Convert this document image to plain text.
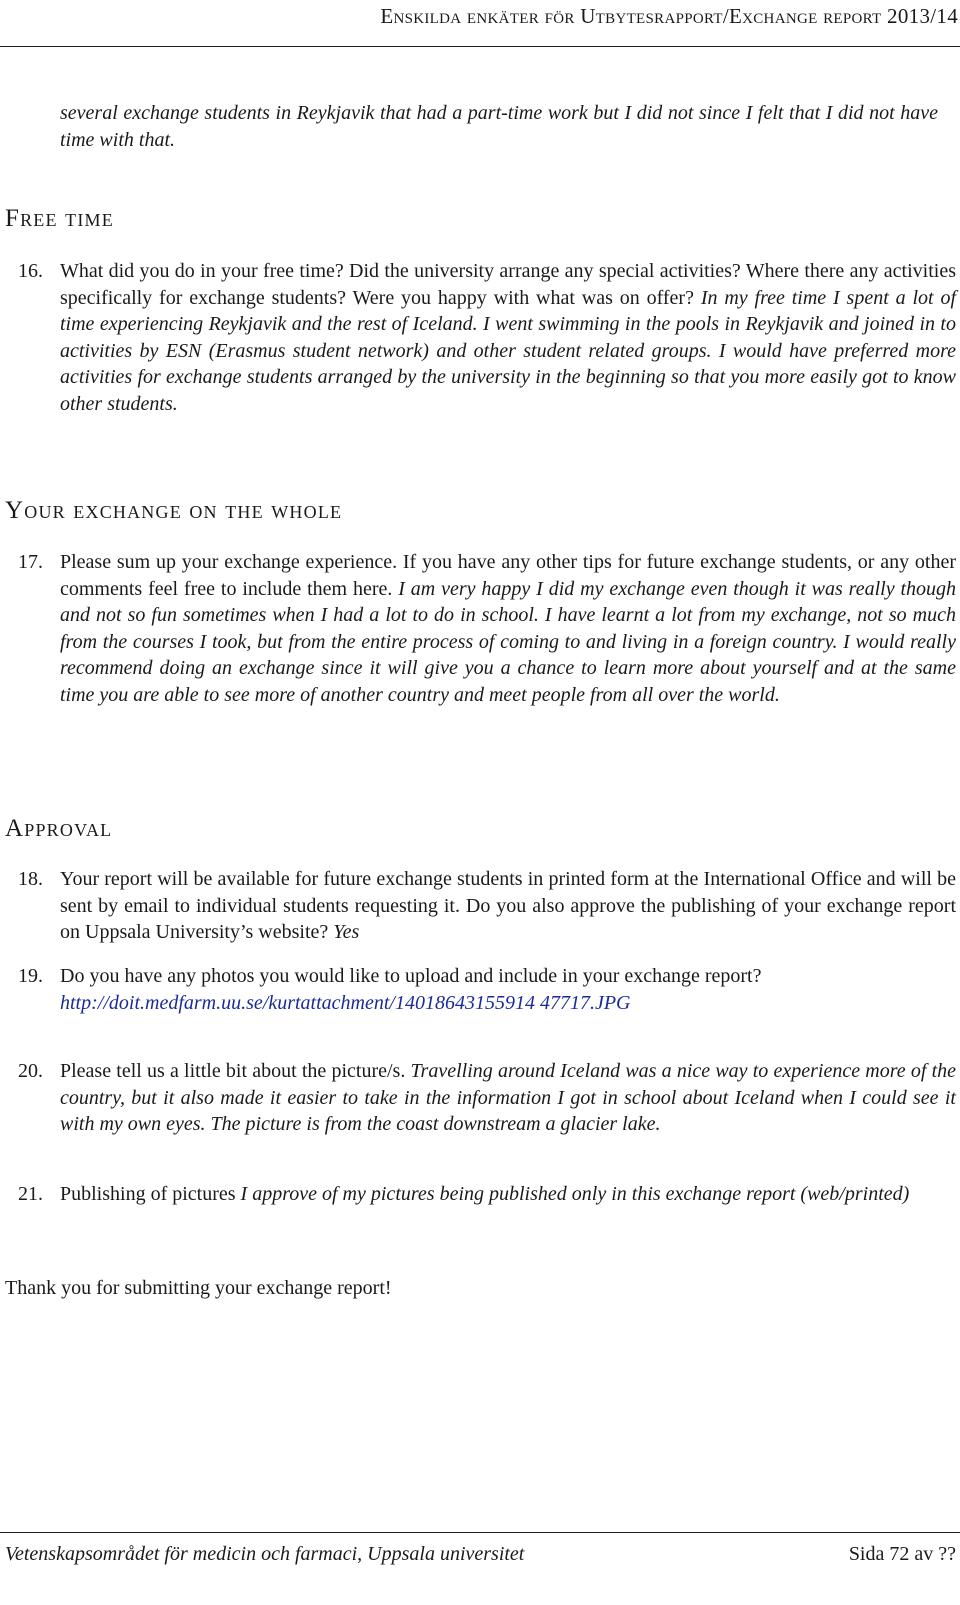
Enskilda enkäter för Utbytesrapport/Exchange report 2013/14
several exchange students in Reykjavik that had a part-time work but I did not since I felt that I did not have time with that.
Free time
16. What did you do in your free time? Did the university arrange any special activities? Where there any activities specifically for exchange students? Were you happy with what was on offer? In my free time I spent a lot of time experiencing Reykjavik and the rest of Iceland. I went swimming in the pools in Reykjavik and joined in to activities by ESN (Erasmus student network) and other student related groups. I would have preferred more activities for exchange students arranged by the university in the beginning so that you more easily got to know other students.
Your exchange on the whole
17. Please sum up your exchange experience. If you have any other tips for future exchange students, or any other comments feel free to include them here. I am very happy I did my exchange even though it was really though and not so fun sometimes when I had a lot to do in school. I have learnt a lot from my exchange, not so much from the courses I took, but from the entire process of coming to and living in a foreign country. I would really recommend doing an exchange since it will give you a chance to learn more about yourself and at the same time you are able to see more of another country and meet people from all over the world.
Approval
18. Your report will be available for future exchange students in printed form at the International Office and will be sent by email to individual students requesting it. Do you also approve the publishing of your exchange report on Uppsala University’s website? Yes
19. Do you have any photos you would like to upload and include in your exchange report?
http://doit.medfarm.uu.se/kurtattachment/14018643155914 47717.JPG
20. Please tell us a little bit about the picture/s. Travelling around Iceland was a nice way to experience more of the country, but it also made it easier to take in the information I got in school about Iceland when I could see it with my own eyes. The picture is from the coast downstream a glacier lake.
21. Publishing of pictures I approve of my pictures being published only in this exchange report (web/printed)
Thank you for submitting your exchange report!
Vetenskapsområdet för medicin och farmaci, Uppsala universitet	Sida 72 av ??
